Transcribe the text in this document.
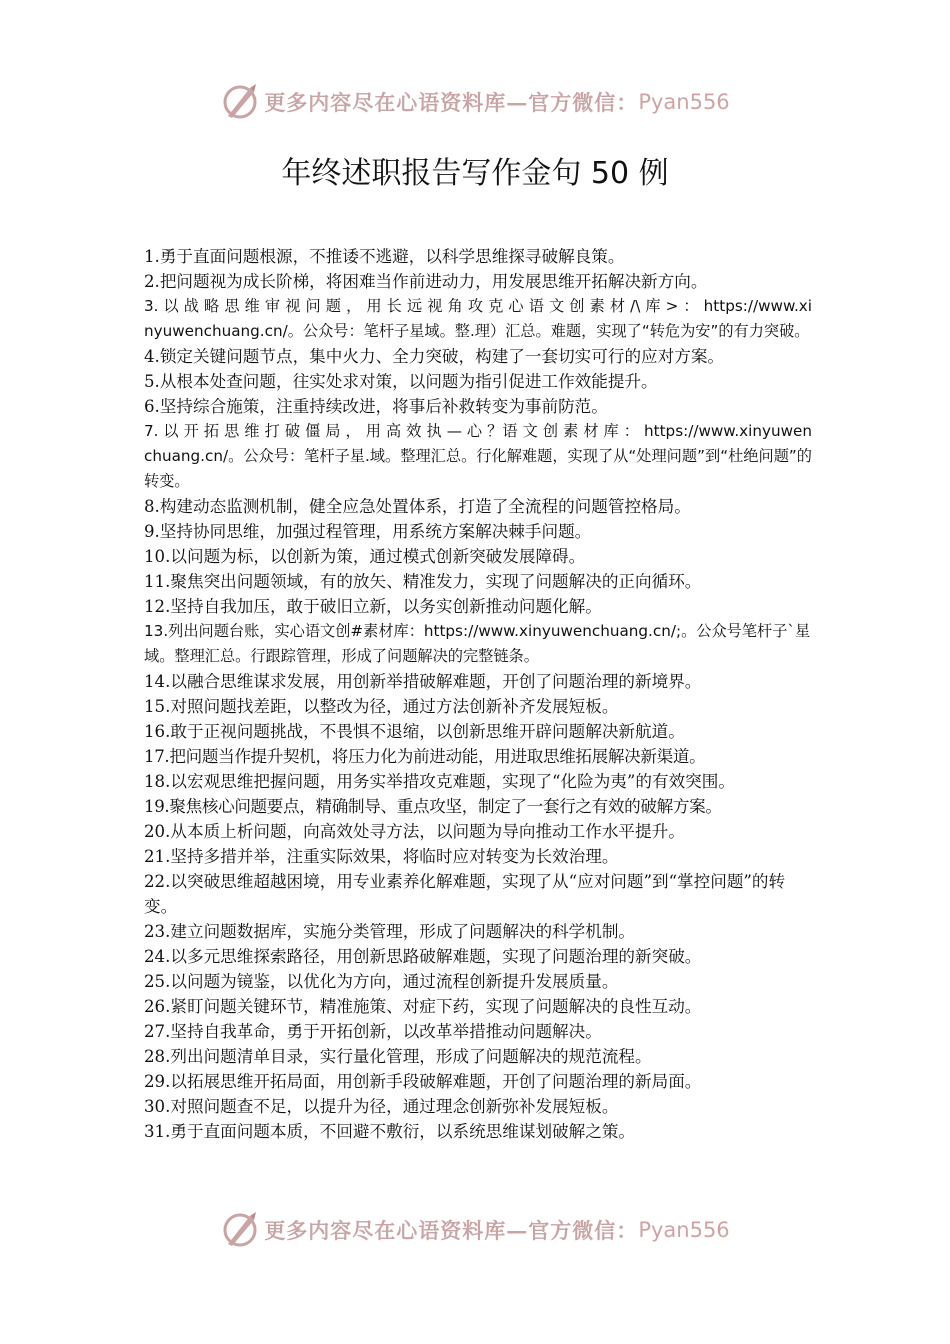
更多内容尽在心语资料库—官方微信： Pyan556
年终述职报告写作金句 50 例
1.勇于直面问题根源，不推诿不逃避，以科学思维探寻破解良策。
2.把问题视为成长阶梯，将困难当作前进动力，用发展思维开拓解决新方向。
3. 以 战 略 思 维 审 视 问 题 ， 用 长 远 视 角 攻 克 心 语 文 创 素 材 /\ 库 > ： https://www.xinyuwenchuang.cn/。公众号：笔杆子星域。整.理）汇总。难题，实现了“转危为安”的有力突破。
4.锁定关键问题节点，集中火力、全力突破，构建了一套切实可行的应对方案。
5.从根本处查问题，往实处求对策，以问题为指引促进工作效能提升。
6.坚持综合施策，注重持续改进，将事后补救转变为事前防范。
7. 以 开 拓 思 维 打 破 僵 局 ， 用 高 效 执 — 心 ？语 文 创 素 材 库 ： https://www.xinyuwenchuang.cn/。公众号：笔杆子星.域。整理汇总。行化解难题，实现了从“处理问题”到“杜绝问题”的转变。
8.构建动态监测机制，健全应急处置体系，打造了全流程的问题管控格局。
9.坚持协同思维，加强过程管理，用系统方案解决棘手问题。
10.以问题为标，以创新为策，通过模式创新突破发展障碍。
11.聚焦突出问题领域，有的放矢、精准发力，实现了问题解决的正向循环。
12.坚持自我加压，敢于破旧立新，以务实创新推动问题化解。
13.列出问题台账，实心语文创#素材库：https://www.xinyuwenchuang.cn/;。公众号笔杆子`星域。整理汇总。行跟踪管理，形成了问题解决的完整链条。
14.以融合思维谋求发展，用创新举措破解难题，开创了问题治理的新境界。
15.对照问题找差距，以整改为径，通过方法创新补齐发展短板。
16.敢于正视问题挑战，不畏惧不退缩，以创新思维开辟问题解决新航道。
17.把问题当作提升契机，将压力化为前进动能，用进取思维拓展解决新渠道。
18.以宏观思维把握问题，用务实举措攻克难题，实现了“化险为夷”的有效突围。
19.聚焦核心问题要点，精确制导、重点攻坚，制定了一套行之有效的破解方案。
20.从本质上析问题，向高效处寻方法，以问题为导向推动工作水平提升。
21.坚持多措并举，注重实际效果，将临时应对转变为长效治理。
22.以突破思维超越困境，用专业素养化解难题，实现了从“应对问题”到“掌控问题”的转变。
23.建立问题数据库，实施分类管理，形成了问题解决的科学机制。
24.以多元思维探索路径，用创新思路破解难题，实现了问题治理的新突破。
25.以问题为镜鉴，以优化为方向，通过流程创新提升发展质量。
26.紧盯问题关键环节，精准施策、对症下药，实现了问题解决的良性互动。
27.坚持自我革命，勇于开拓创新，以改革举措推动问题解决。
28.列出问题清单目录，实行量化管理，形成了问题解决的规范流程。
29.以拓展思维开拓局面，用创新手段破解难题，开创了问题治理的新局面。
30.对照问题查不足，以提升为径，通过理念创新弥补发展短板。
31.勇于直面问题本质，不回避不敷衍，以系统思维谋划破解之策。
更多内容尽在心语资料库—官方微信： Pyan556
